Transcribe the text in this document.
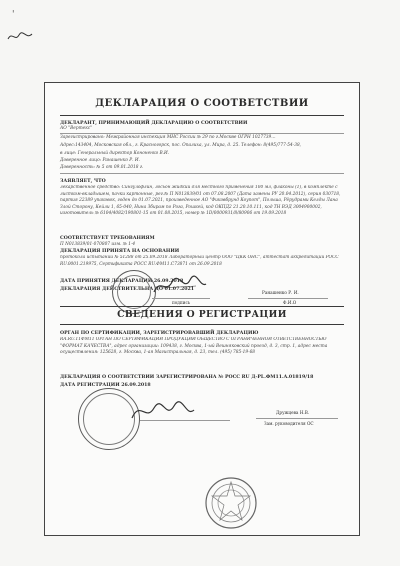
'
ДЕКЛАРАЦИЯ О СООТВЕТСТВИИ
ДЕКЛАРАНТ, ПРИНИМАЮЩИЙ ДЕКЛАРАЦИЮ О СООТВЕТСТВИИ
АО "Вертекс"
Зарегистрировано: Межрайонная инспекция МНС России № 29 по г.Москве ОГРН 1027739…
Адрес:143404, Московская обл., г. Красногорск, пос. Опалиха, ул. Мира, д. 25. Телефон: 8(495)777-54-38,
в лице: Генеральный директор Кононенко В.И.
Доверенное лицо: Ранашенко Р. И.
Доверенность: № 5 от 09.01.2018 г.
ЗАЯВЛЯЕТ, ЧТО
лекарственное средство: Сингулофлин, лосьон жидкий для местного применения 100 мл, флаконы (1), в комплекте с листком-вкладышем, пачки картонные, рег.№ П N013839/01 от 07.08.2007 (Дата замены РУ 20.04.2012), серия 030718, партия 22389 упаковок, годен до 01.07.2021, произведенное АО "Фиковбрунд Коупот", Польша, Рёрудрами Келды Лана Злой Сторону, Кейли 1, 65-040, Нина Збирам по Рога, Рошкей, код ОКПД2 21.20.10.111, код ТН ВЭД 3004900002, изготовитель № 6104/4082/190801-15 от 01.08.2015, номер № 1D/0000931/8/80906 от 19.09.2018
СООТВЕТСТВУЕТ ТРЕБОВАНИЯМ
П N013839/01-070807 изм. № 1-4
ДЕКЛАРАЦИЯ ПРИНЯТА НА ОСНОВАНИИ
протокола испытаний № 51288 от 25.09.2018 Лабораторный центр ООО "ЦКК ОНС", аттестат аккредитации РОСС RU.0001.219975, Сертификата РОСС RU.ФМ11.C73871 от 26.09.2018
ДАТА ПРИНЯТИЯ ДЕКЛАРАЦИИ 26.09.2018
ДЕКЛАРАЦИЯ ДЕЙСТВИТЕЛЬНА ДО 01.07.2021
подпись
Ранашенко Р. И.
Ф.И.О
СВЕДЕНИЯ О РЕГИСТРАЦИИ
ОРГАН ПО СЕРТИФИКАЦИИ, ЗАРЕГИСТРИРОВАВШИЙ ДЕКЛАРАЦИЮ
RA.RU.11ФМ11 ОРГАН ПО СЕРТИФИКАЦИИ ПРОДУКЦИИ ОБЩЕСТВО С ОГРАНИЧЕННОЙ ОТВЕТСТВЕННОСТЬЮ "ФОРМАТ КАЧЕСТВА", адрес организации: 109438, г. Москва, 1-ый Вешняковский проезд, д. 3, стр. 1, адрес места осуществления: 125628, г. Москва, 1-ая Магистральная, д. 23, тел. (495) 785-19-68
ДЕКЛАРАЦИЯ О СООТВЕТСТВИИ ЗАРЕГИСТРИРОВАНА № РОСС RU Д-PL.ФМ11.A.01819/18
ДАТА РЕГИСТРАЦИИ 26.09.2018
Дружцева Н.В.
Зам. руководителя ОС
